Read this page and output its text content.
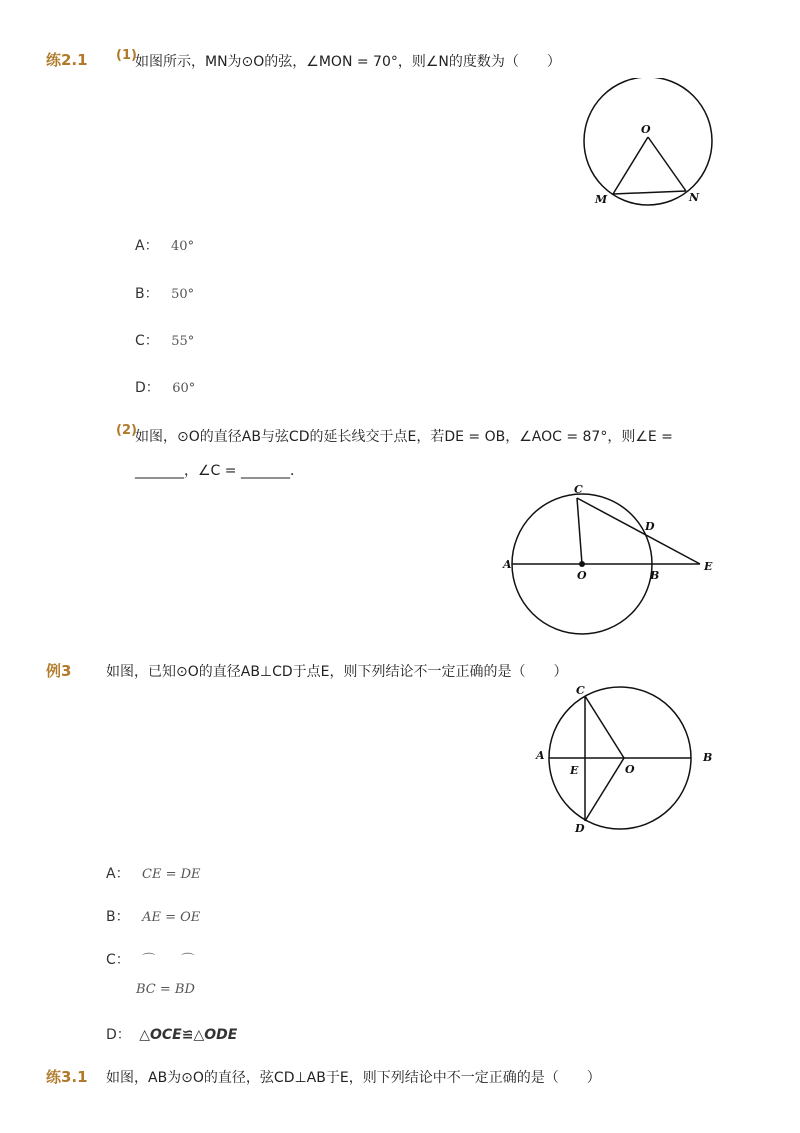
练2.1 (1)
如图所示，MN为⊙O的弦，∠MON = 70°，则∠N的度数为（　　）
O
M	N
A： 40°
B： 50°
C： 55°
D： 60°
(2)
如图，⊙O的直径AB与弦CD的延长线交于点E，若DE = OB，∠AOC = 87°，则∠E =
_______，∠C = _______．
A
B
C
D
E
O
例3 如图，已知⊙O的直径AB⊥CD于点E，则下列结论不一定正确的是（　　）
A	B
C
D
E	O
A： CE = DE
B： AE = OE
C： ⌒　　⌒
BC = BD
D： △OCE≌△ODE
练3.1 如图，AB为⊙O的直径，弦CD⊥AB于E，则下列结论中不一定正确的是（　　）
